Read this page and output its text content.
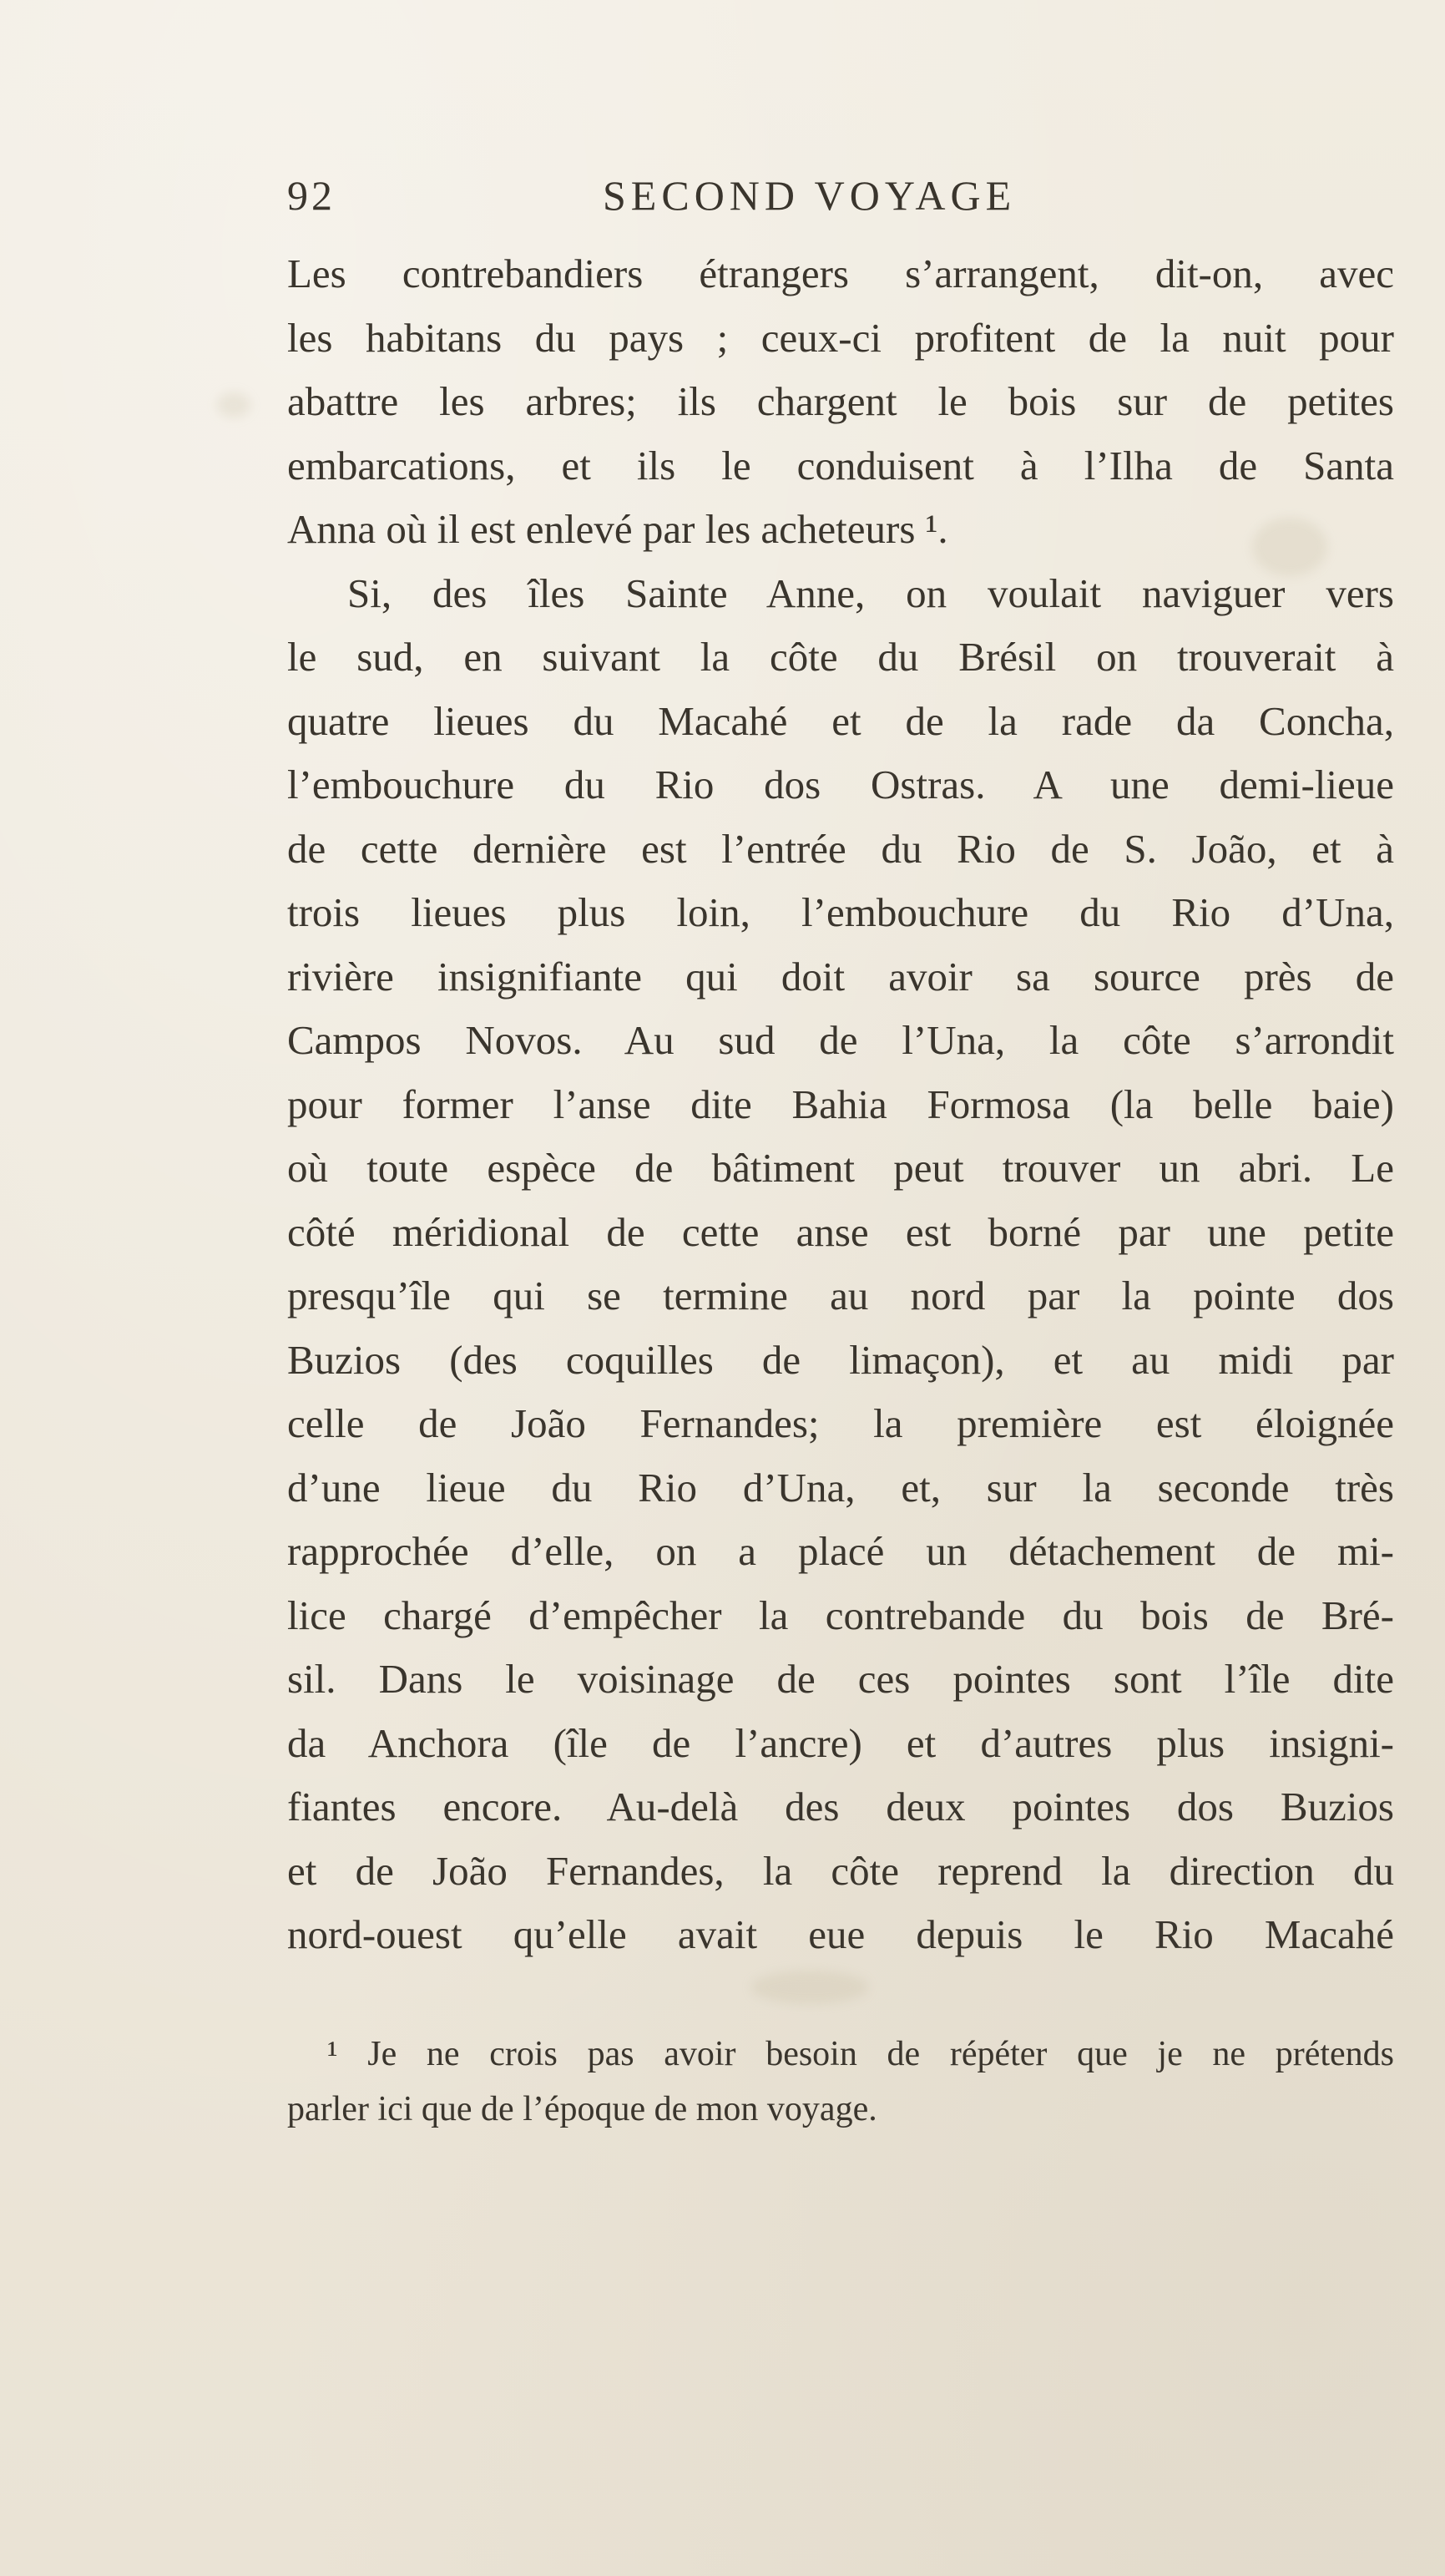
92	SECOND VOYAGE
Les contrebandiers étrangers s’arrangent, dit-on, avec
les habitans du pays ; ceux-ci profitent de la nuit pour
abattre les arbres; ils chargent le bois sur de petites
embarcations, et ils le conduisent à l’Ilha de Santa
Anna où il est enlevé par les acheteurs ¹.
Si, des îles Sainte Anne, on voulait naviguer vers
le sud, en suivant la côte du Brésil on trouverait à
quatre lieues du Macahé et de la rade da Concha,
l’embouchure du Rio dos Ostras. A une demi-lieue
de cette dernière est l’entrée du Rio de S. João, et à
trois lieues plus loin, l’embouchure du Rio d’Una,
rivière insignifiante qui doit avoir sa source près de
Campos Novos. Au sud de l’Una, la côte s’arrondit
pour former l’anse dite Bahia Formosa (la belle baie)
où toute espèce de bâtiment peut trouver un abri. Le
côté méridional de cette anse est borné par une petite
presqu’île qui se termine au nord par la pointe dos
Buzios (des coquilles de limaçon), et au midi par
celle de João Fernandes; la première est éloignée
d’une lieue du Rio d’Una, et, sur la seconde très
rapprochée d’elle, on a placé un détachement de mi-
lice chargé d’empêcher la contrebande du bois de Bré-
sil. Dans le voisinage de ces pointes sont l’île dite
da Anchora (île de l’ancre) et d’autres plus insigni-
fiantes encore. Au-delà des deux pointes dos Buzios
et de João Fernandes, la côte reprend la direction du
nord-ouest qu’elle avait eue depuis le Rio Macahé
¹ Je ne crois pas avoir besoin de répéter que je ne prétends
parler ici que de l’époque de mon voyage.
